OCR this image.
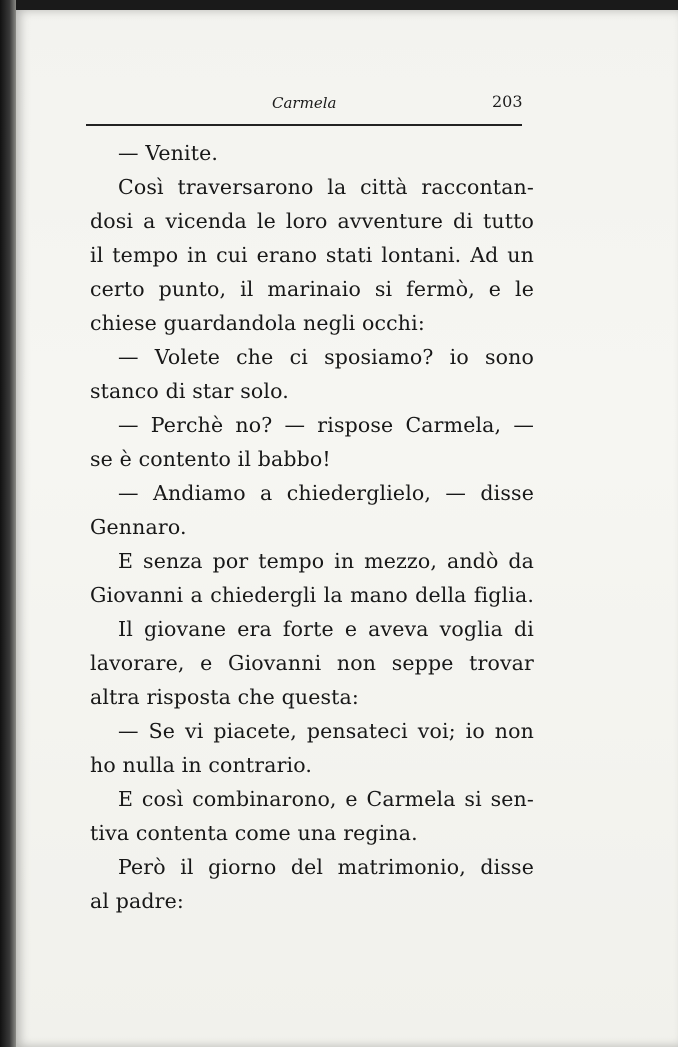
Carmela	203
— Venite.
Così traversarono la città raccontan-
dosi a vicenda le loro avventure di tutto
il tempo in cui erano stati lontani. Ad un
certo punto, il marinaio si fermò, e le
chiese guardandola negli occhi:
— Volete che ci sposiamo? io sono
stanco di star solo.
— Perchè no? — rispose Carmela, —
se è contento il babbo!
— Andiamo a chiederglielo, — disse
Gennaro.
E senza por tempo in mezzo, andò da
Giovanni a chiedergli la mano della figlia.
Il giovane era forte e aveva voglia di
lavorare, e Giovanni non seppe trovar
altra risposta che questa:
— Se vi piacete, pensateci voi; io non
ho nulla in contrario.
E così combinarono, e Carmela si sen-
tiva contenta come una regina.
Però il giorno del matrimonio, disse
al padre:
